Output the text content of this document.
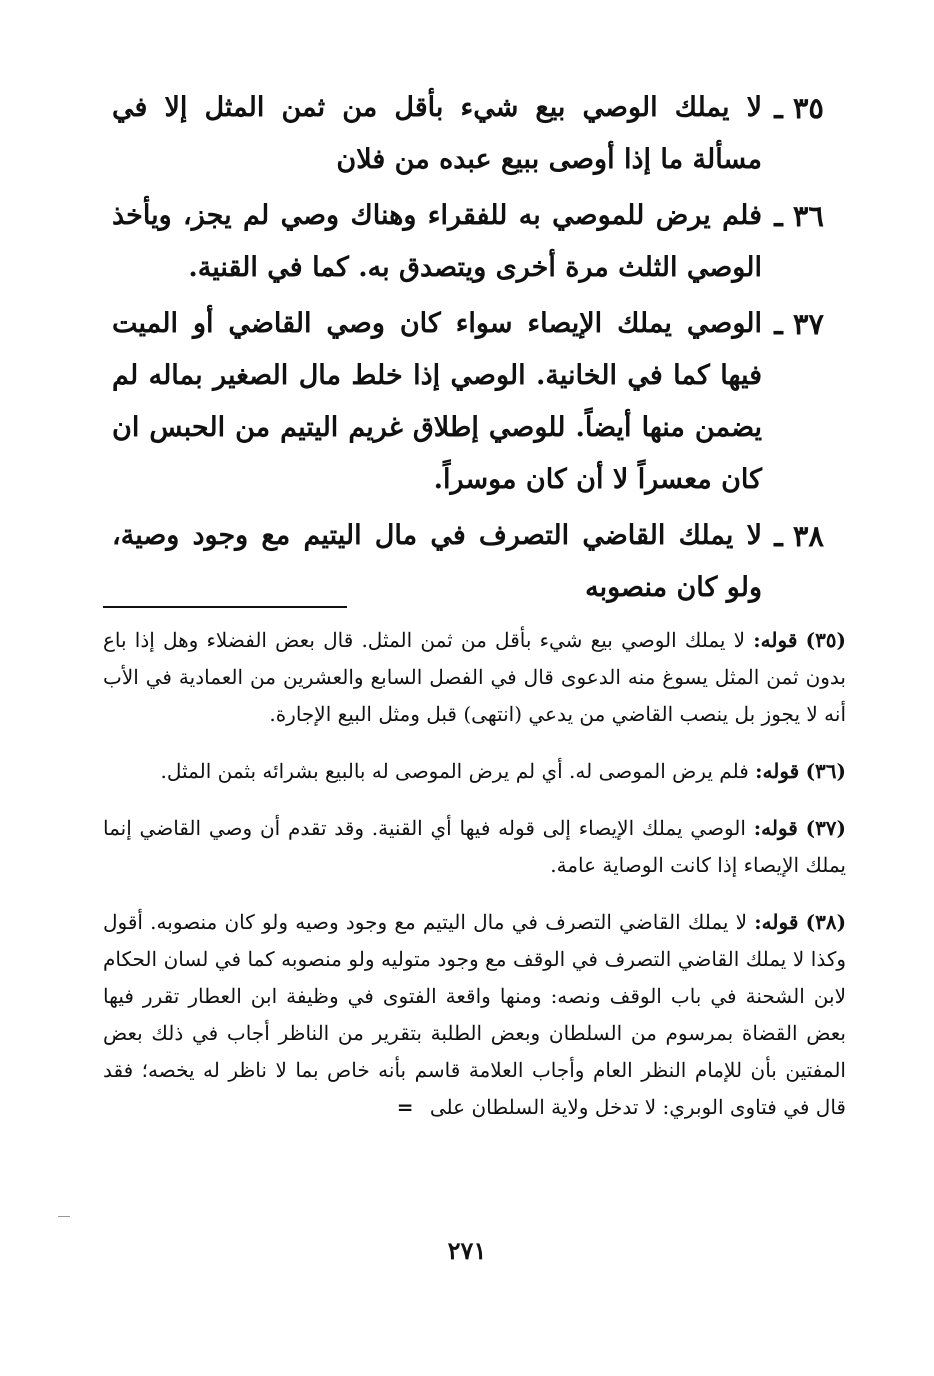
٣٥ ـ
لا يملك الوصي بيع شيء بأقل من ثمن المثل إلا في مسألة ما إذا أوصى ببيع عبده من فلان
٣٦ ـ
فلم يرض للموصي به للفقراء وهناك وصي لم يجز، ويأخذ الوصي الثلث مرة أخرى ويتصدق به. كما في القنية.
٣٧ ـ
الوصي يملك الإيصاء سواء كان وصي القاضي أو الميت فيها كما في الخانية. الوصي إذا خلط مال الصغير بماله لم يضمن منها أيضاً. للوصي إطلاق غريم اليتيم من الحبس ان كان معسراً لا أن كان موسراً.
٣٨ ـ
لا يملك القاضي التصرف في مال اليتيم مع وجود وصية، ولو كان منصوبه

(٣٥) قوله: لا يملك الوصي بيع شيء بأقل من ثمن المثل. قال بعض الفضلاء وهل إذا باع بدون ثمن المثل يسوغ منه الدعوى قال في الفصل السابع والعشرين من العمادية في الأب أنه لا يجوز بل ينصب القاضي من يدعي (انتهى) قبل ومثل البيع الإجارة.

(٣٦) قوله: فلم يرض الموصى له. أي لم يرض الموصى له بالبيع بشرائه بثمن المثل.

(٣٧) قوله: الوصي يملك الإيصاء إلى قوله فيها أي القنية. وقد تقدم أن وصي القاضي إنما يملك الإيصاء إذا كانت الوصاية عامة.

(٣٨) قوله: لا يملك القاضي التصرف في مال اليتيم مع وجود وصيه ولو كان منصوبه. أقول وكذا لا يملك القاضي التصرف في الوقف مع وجود متوليه ولو منصوبه كما في لسان الحكام لابن الشحنة في باب الوقف ونصه: ومنها واقعة الفتوى في وظيفة ابن العطار تقرر فيها بعض القضاة بمرسوم من السلطان وبعض الطلبة بتقرير من الناظر أجاب في ذلك بعض المفتين بأن للإمام النظر العام وأجاب العلامة قاسم بأنه خاص بما لا ناظر له يخصه؛ فقد قال في فتاوى الوبري: لا تدخل ولاية السلطان على =

٢٧١
